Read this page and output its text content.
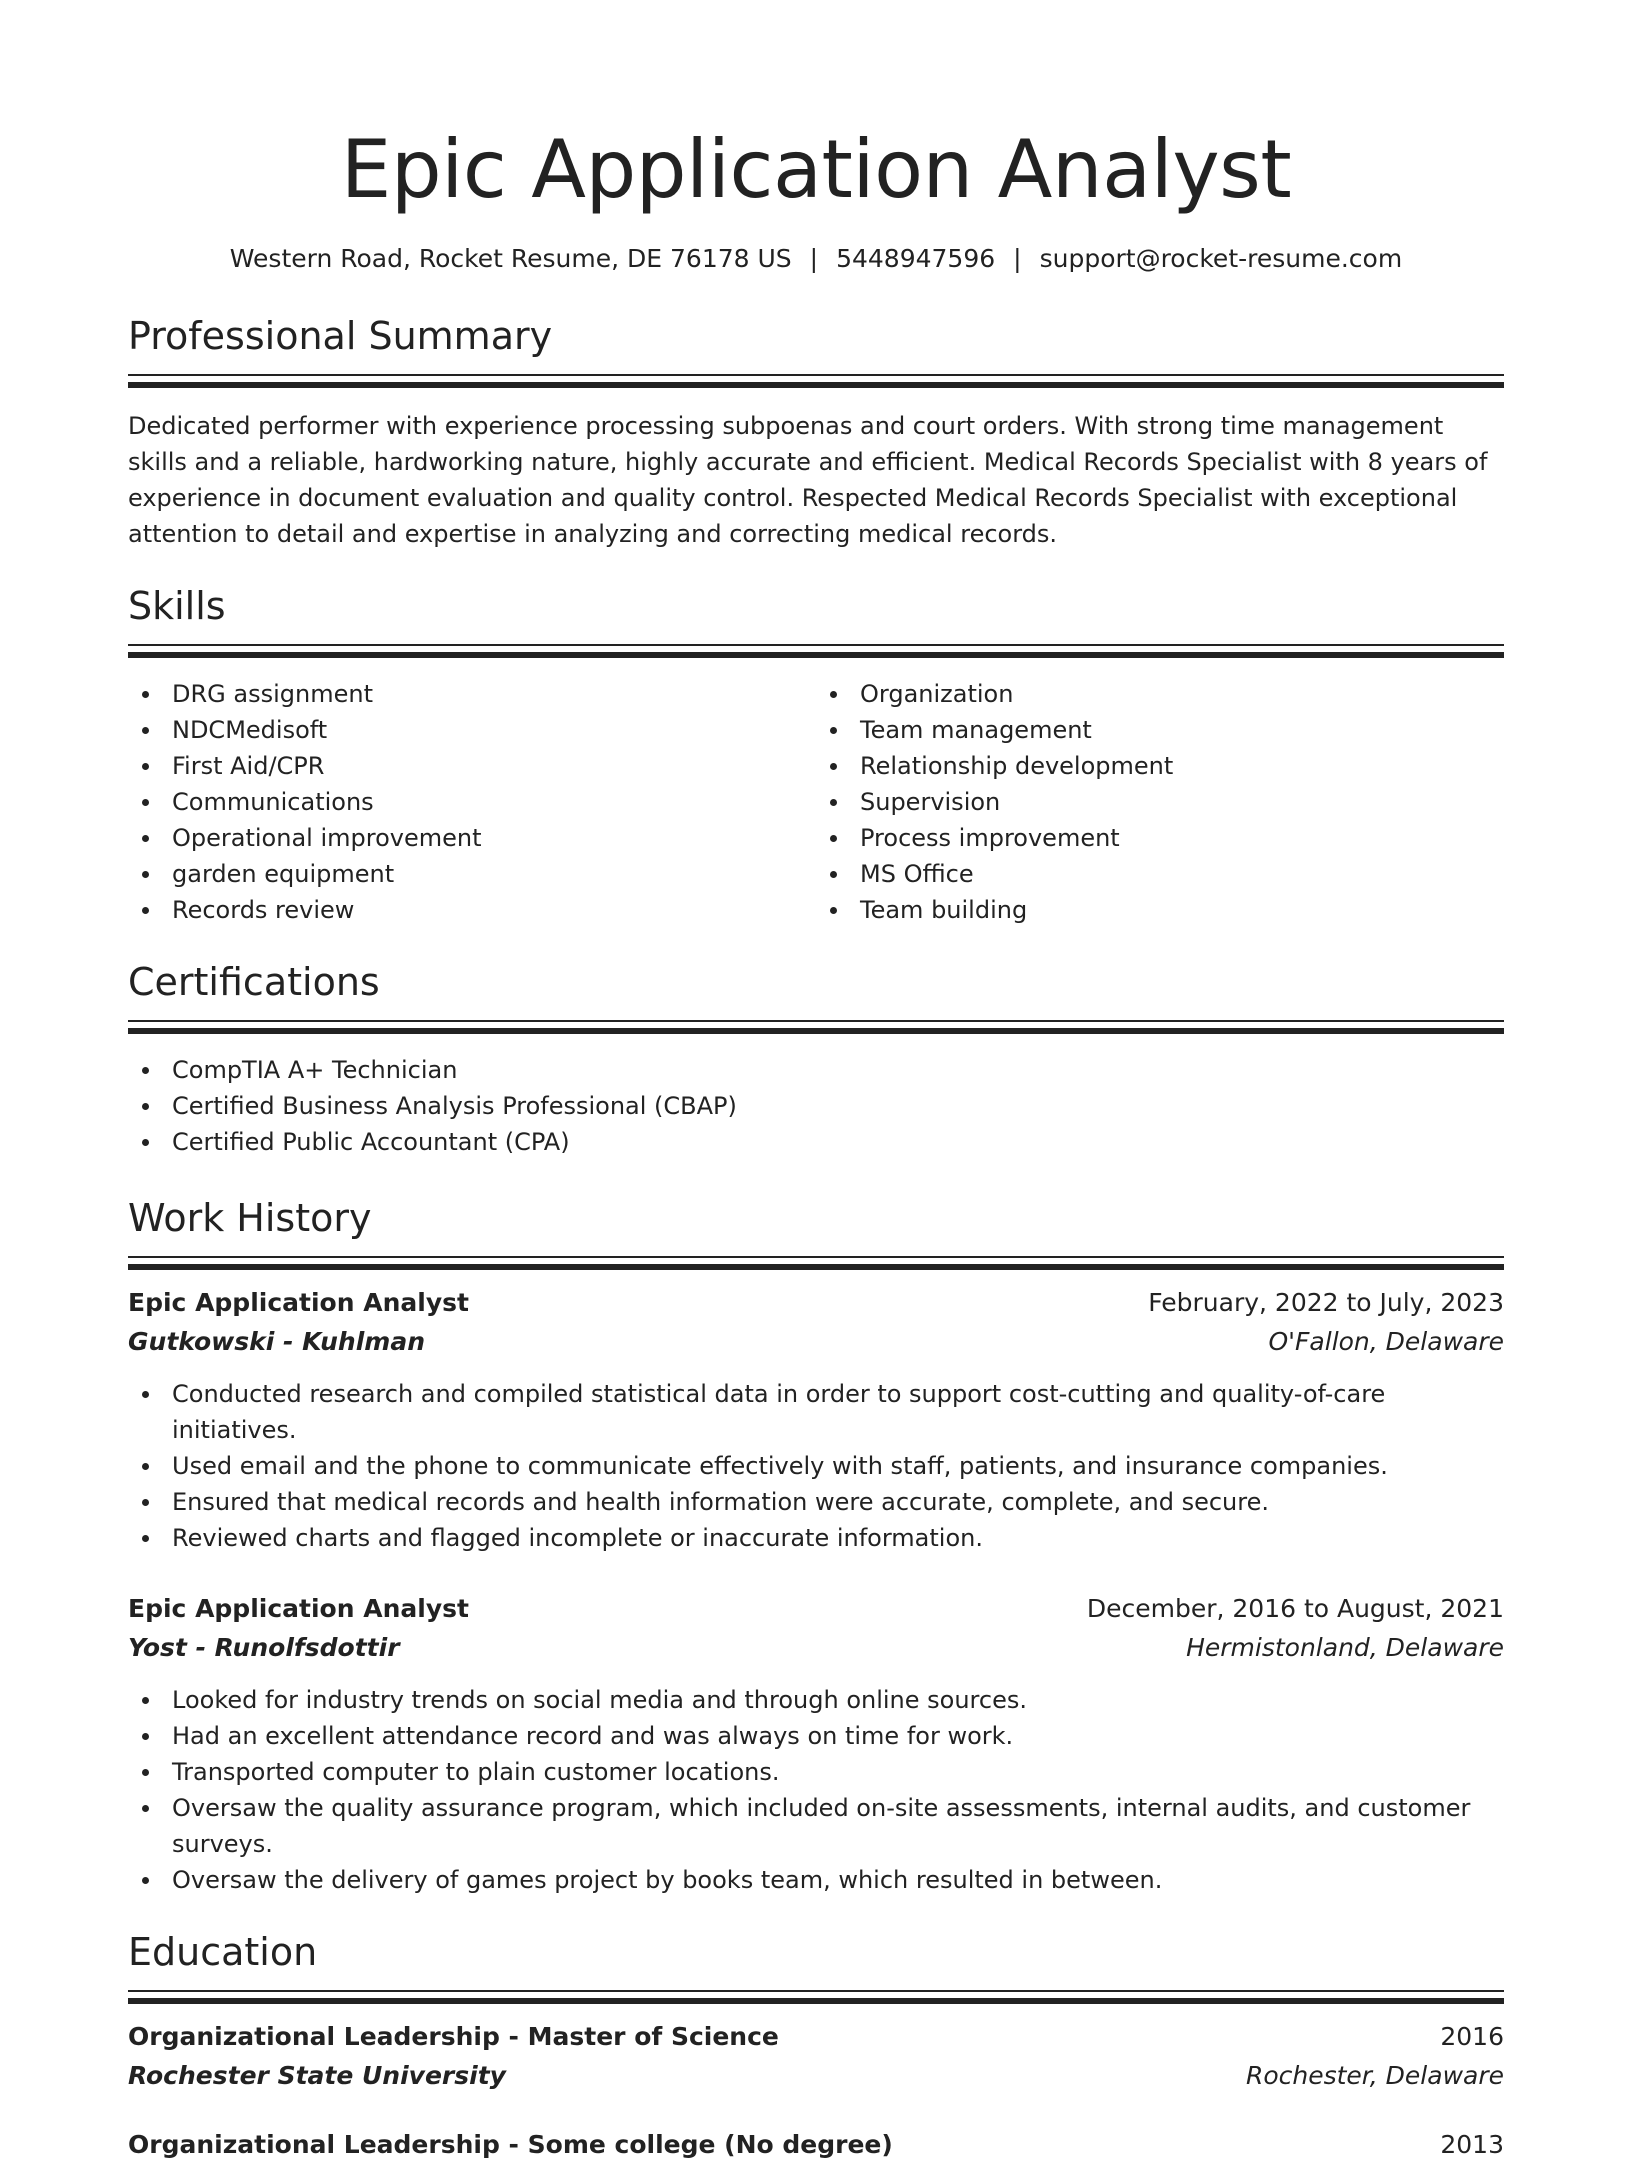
Epic Application Analyst
Western Road, Rocket Resume, DE 76178 US | 5448947596 | support@rocket-resume.com
Professional Summary
Dedicated performer with experience processing subpoenas and court orders. With strong time management skills and a reliable, hardworking nature, highly accurate and efficient. Medical Records Specialist with 8 years of experience in document evaluation and quality control. Respected Medical Records Specialist with exceptional attention to detail and expertise in analyzing and correcting medical records.
Skills
DRG assignment
NDCMedisoft
First Aid/CPR
Communications
Operational improvement
garden equipment
Records review
Organization
Team management
Relationship development
Supervision
Process improvement
MS Office
Team building
Certifications
CompTIA A+ Technician
Certified Business Analysis Professional (CBAP)
Certified Public Accountant (CPA)
Work History
Epic Application Analyst	February, 2022 to July, 2023
Gutkowski - Kuhlman	O'Fallon, Delaware
Conducted research and compiled statistical data in order to support cost-cutting and quality-of-care initiatives.
Used email and the phone to communicate effectively with staff, patients, and insurance companies.
Ensured that medical records and health information were accurate, complete, and secure.
Reviewed charts and flagged incomplete or inaccurate information.
Epic Application Analyst	December, 2016 to August, 2021
Yost - Runolfsdottir	Hermistonland, Delaware
Looked for industry trends on social media and through online sources.
Had an excellent attendance record and was always on time for work.
Transported computer to plain customer locations.
Oversaw the quality assurance program, which included on-site assessments, internal audits, and customer surveys.
Oversaw the delivery of games project by books team, which resulted in between.
Education
Organizational Leadership - Master of Science	2016
Rochester State University	Rochester, Delaware
Organizational Leadership - Some college (No degree)	2013
